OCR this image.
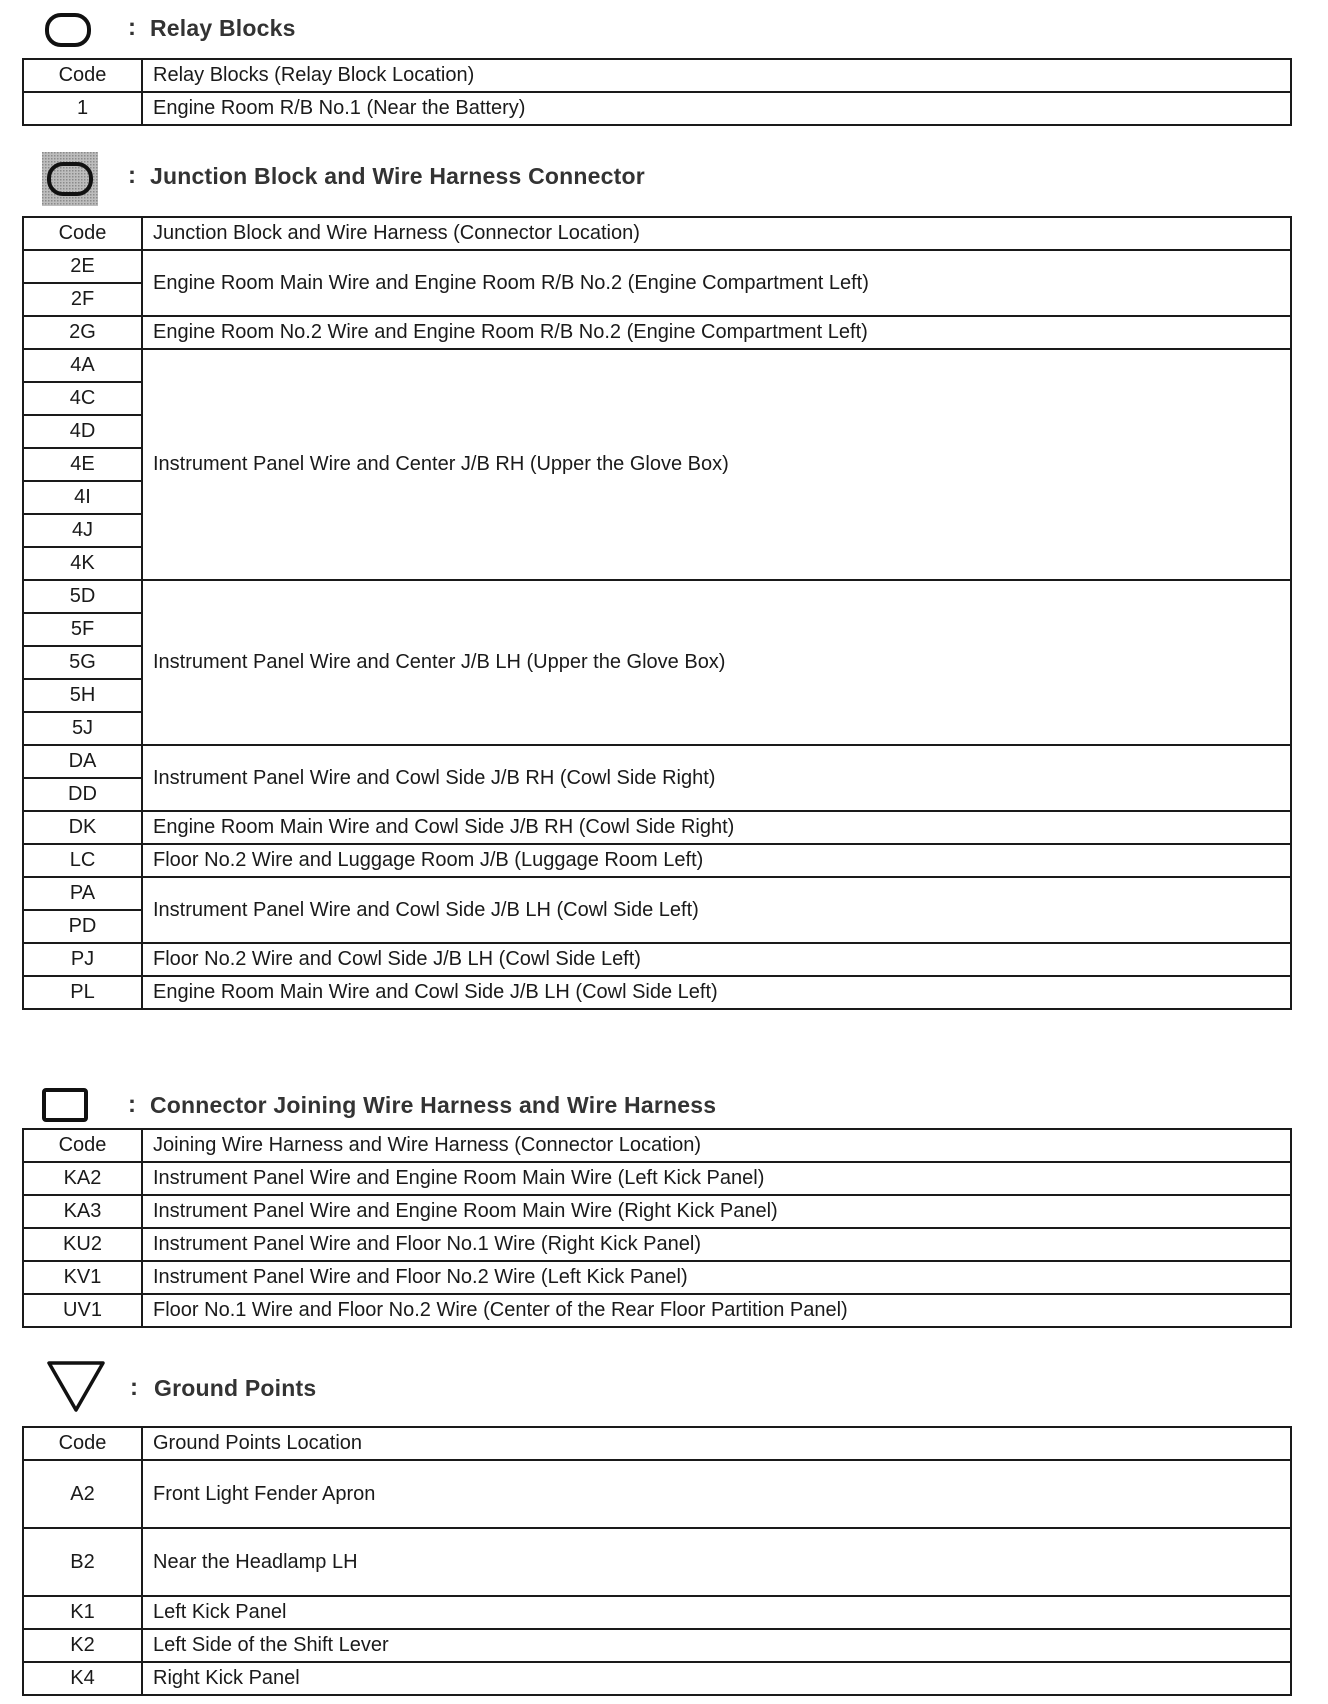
: Relay Blocks
Code	Relay Blocks (Relay Block Location)
1	Engine Room R/B No.1 (Near the Battery)
: Junction Block and Wire Harness Connector
Code	Junction Block and Wire Harness (Connector Location)
2E	Engine Room Main Wire and Engine Room R/B No.2 (Engine Compartment Left)
2F	
2G	Engine Room No.2 Wire and Engine Room R/B No.2 (Engine Compartment Left)
4A	Instrument Panel Wire and Center J/B RH (Upper the Glove Box)
4C	
4D	
4E	
4I	
4J	
4K	
5D	Instrument Panel Wire and Center J/B LH (Upper the Glove Box)
5F	
5G	
5H	
5J	
DA	Instrument Panel Wire and Cowl Side J/B RH (Cowl Side Right)
DD	
DK	Engine Room Main Wire and Cowl Side J/B RH (Cowl Side Right)
LC	Floor No.2 Wire and Luggage Room J/B (Luggage Room Left)
PA	Instrument Panel Wire and Cowl Side J/B LH (Cowl Side Left)
PD	
PJ	Floor No.2 Wire and Cowl Side J/B LH (Cowl Side Left)
PL	Engine Room Main Wire and Cowl Side J/B LH (Cowl Side Left)
: Connector Joining Wire Harness and Wire Harness
Code	Joining Wire Harness and Wire Harness (Connector Location)
KA2	Instrument Panel Wire and Engine Room Main Wire (Left Kick Panel)
KA3	Instrument Panel Wire and Engine Room Main Wire (Right Kick Panel)
KU2	Instrument Panel Wire and Floor No.1 Wire (Right Kick Panel)
KV1	Instrument Panel Wire and Floor No.2 Wire (Left Kick Panel)
UV1	Floor No.1 Wire and Floor No.2 Wire (Center of the Rear Floor Partition Panel)
: Ground Points
Code	Ground Points Location
A2	Front Light Fender Apron
B2	Near the Headlamp LH
K1	Left Kick Panel
K2	Left Side of the Shift Lever
K4	Right Kick Panel
